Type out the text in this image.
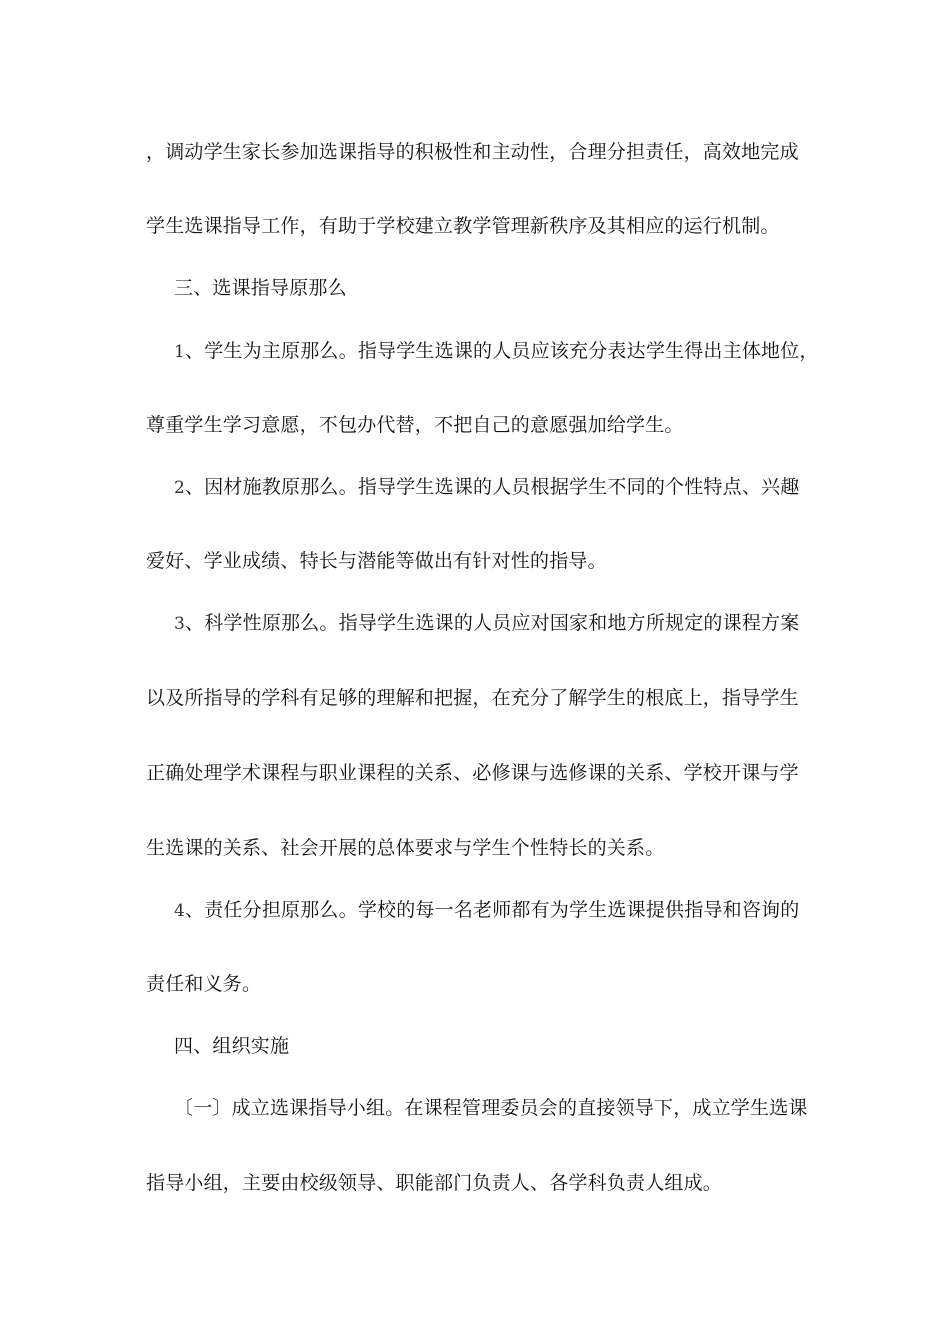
，调动学生家长参加选课指导的积极性和主动性，合理分担责任，高效地完成
学生选课指导工作，有助于学校建立教学管理新秩序及其相应的运行机制。
三、选课指导原那么
1、学生为主原那么。指导学生选课的人员应该充分表达学生得出主体地位，
尊重学生学习意愿，不包办代替，不把自己的意愿强加给学生。
2、因材施教原那么。指导学生选课的人员根据学生不同的个性特点、兴趣
爱好、学业成绩、特长与潜能等做出有针对性的指导。
3、科学性原那么。指导学生选课的人员应对国家和地方所规定的课程方案
以及所指导的学科有足够的理解和把握，在充分了解学生的根底上，指导学生
正确处理学术课程与职业课程的关系、必修课与选修课的关系、学校开课与学
生选课的关系、社会开展的总体要求与学生个性特长的关系。
4、责任分担原那么。学校的每一名老师都有为学生选课提供指导和咨询的
责任和义务。
四、组织实施
〔一〕成立选课指导小组。在课程管理委员会的直接领导下，成立学生选课
指导小组，主要由校级领导、职能部门负责人、各学科负责人组成。
